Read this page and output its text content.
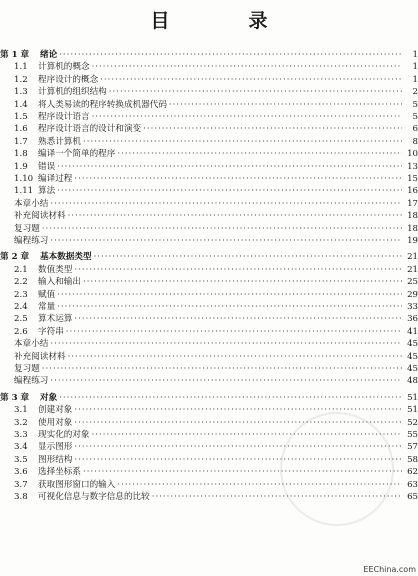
目　录
第 1 章	绪论 ·····	1
1.1	计算机的概念 ·····	1
1.2	程序设计的概念 ·····	1
1.3	计算机的组织结构 ·····	2
1.4	将人类易读的程序转换成机器代码 ·····	5
1.5	程序设计语言 ·····	5
1.6	程序设计语言的设计和演变 ·····	6
1.7	熟悉计算机 ·····	8
1.8	编译一个简单的程序 ·····	10
1.9	错误 ·····	13
1.10 编译过程 ·····	15
1.11 算法 ·····	16
本章小结 ·····	17
补充阅读材料 ·····	18
复习题 ·····	18
编程练习 ·····	19
第 2 章	基本数据类型 ·····	21
2.1	数值类型 ·····	21
2.2	输入和输出 ·····	25
2.3	赋值 ·····	29
2.4	常量 ·····	33
2.5	算术运算 ·····	36
2.6	字符串 ·····	41
本章小结 ·····	45
补充阅读材料 ·····	45
复习题 ·····	45
编程练习 ·····	48
第 3 章	对象 ·····	51
3.1	创建对象 ·····	51
3.2	使用对象 ·····	52
3.3	现实化的对象 ·····	55
3.4	显示图形 ·····	57
3.5	图形结构 ·····	58
3.6	选择坐标系 ·····	62
3.7	获取图形窗口的输入 ·····	63
3.8	可视化信息与数字信息的比较 ·····	65
EEChina.com
